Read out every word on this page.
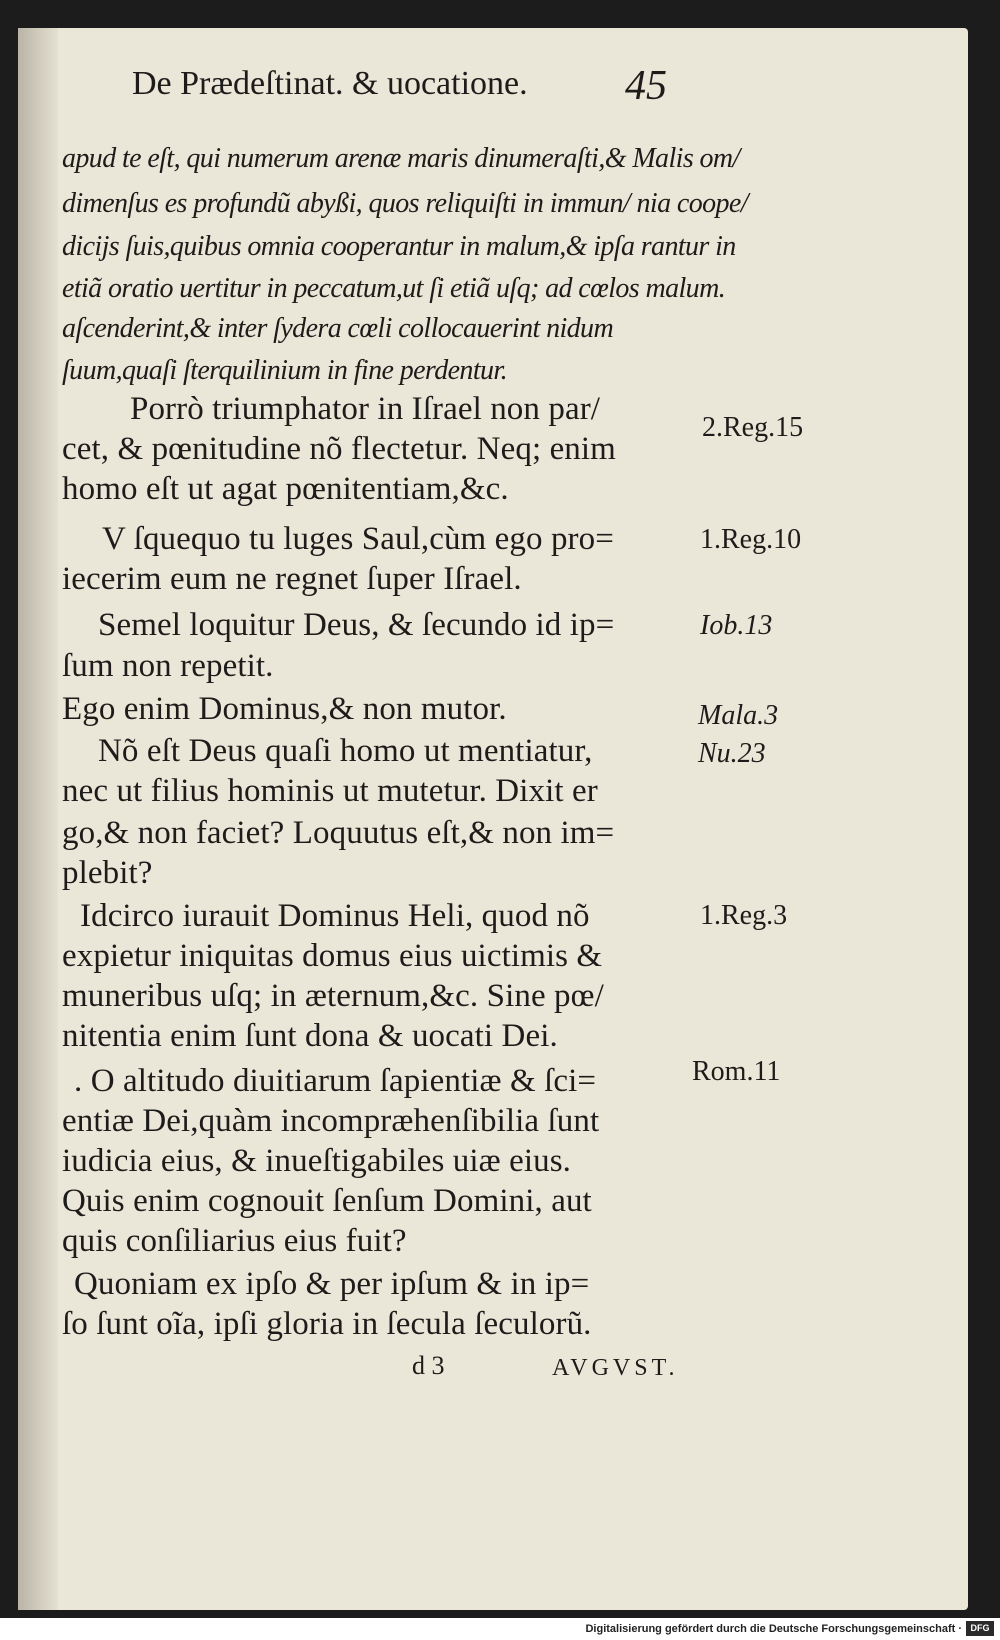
De Prædeſtinat. & uocatione. 45
apud te eſt, qui numerum arenæ maris dinumeraſti,& Malis om/
dimenſus es profundũ abyßi, quos reliquiſti in immun/ nia coope/
dicijs ſuis,quibus omnia cooperantur in malum,& ipſa rantur in
etiã oratio uertitur in peccatum,ut ſi etiã uſq; ad cœlos malum.
aſcenderint,& inter ſydera cœli collocauerint nidum
ſuum,quaſi ſterquilinium in fine perdentur.
Porrò triumphator in Iſrael non par/
cet, & pœnitudine nõ flectetur. Neq; enim
homo eſt ut agat pœnitentiam,&c.
V ſquequo tu luges Saul,cùm ego pro=
iecerim eum ne regnet ſuper Iſrael.
Semel loquitur Deus, & ſecundo id ip=
ſum non repetit.
Ego enim Dominus,& non mutor.
Nõ eſt Deus quaſi homo ut mentiatur,
nec ut filius hominis ut mutetur. Dixit er
go,& non faciet? Loquutus eſt,& non im=
plebit?
Idcirco iurauit Dominus Heli, quod nõ
expietur iniquitas domus eius uictimis &
muneribus uſq; in æternum,&c. Sine pœ/
nitentia enim ſunt dona & uocati Dei.
. O altitudo diuitiarum ſapientiæ & ſci=
entiæ Dei,quàm incompræhenſibilia ſunt
iudicia eius, & inueſtigabiles uiæ eius.
Quis enim cognouit ſenſum Domini, aut
quis conſiliarius eius fuit?
Quoniam ex ipſo & per ipſum & in ip=
ſo ſunt oĩa, ipſi gloria in ſecula ſeculorũ.
2.Reg.15
1.Reg.10
Iob.13
Mala.3
Nu.23
1.Reg.3
Rom.11
d 3	AVGVST.
Digitalisierung gefördert durch die Deutsche Forschungsgemeinschaft · DFG
